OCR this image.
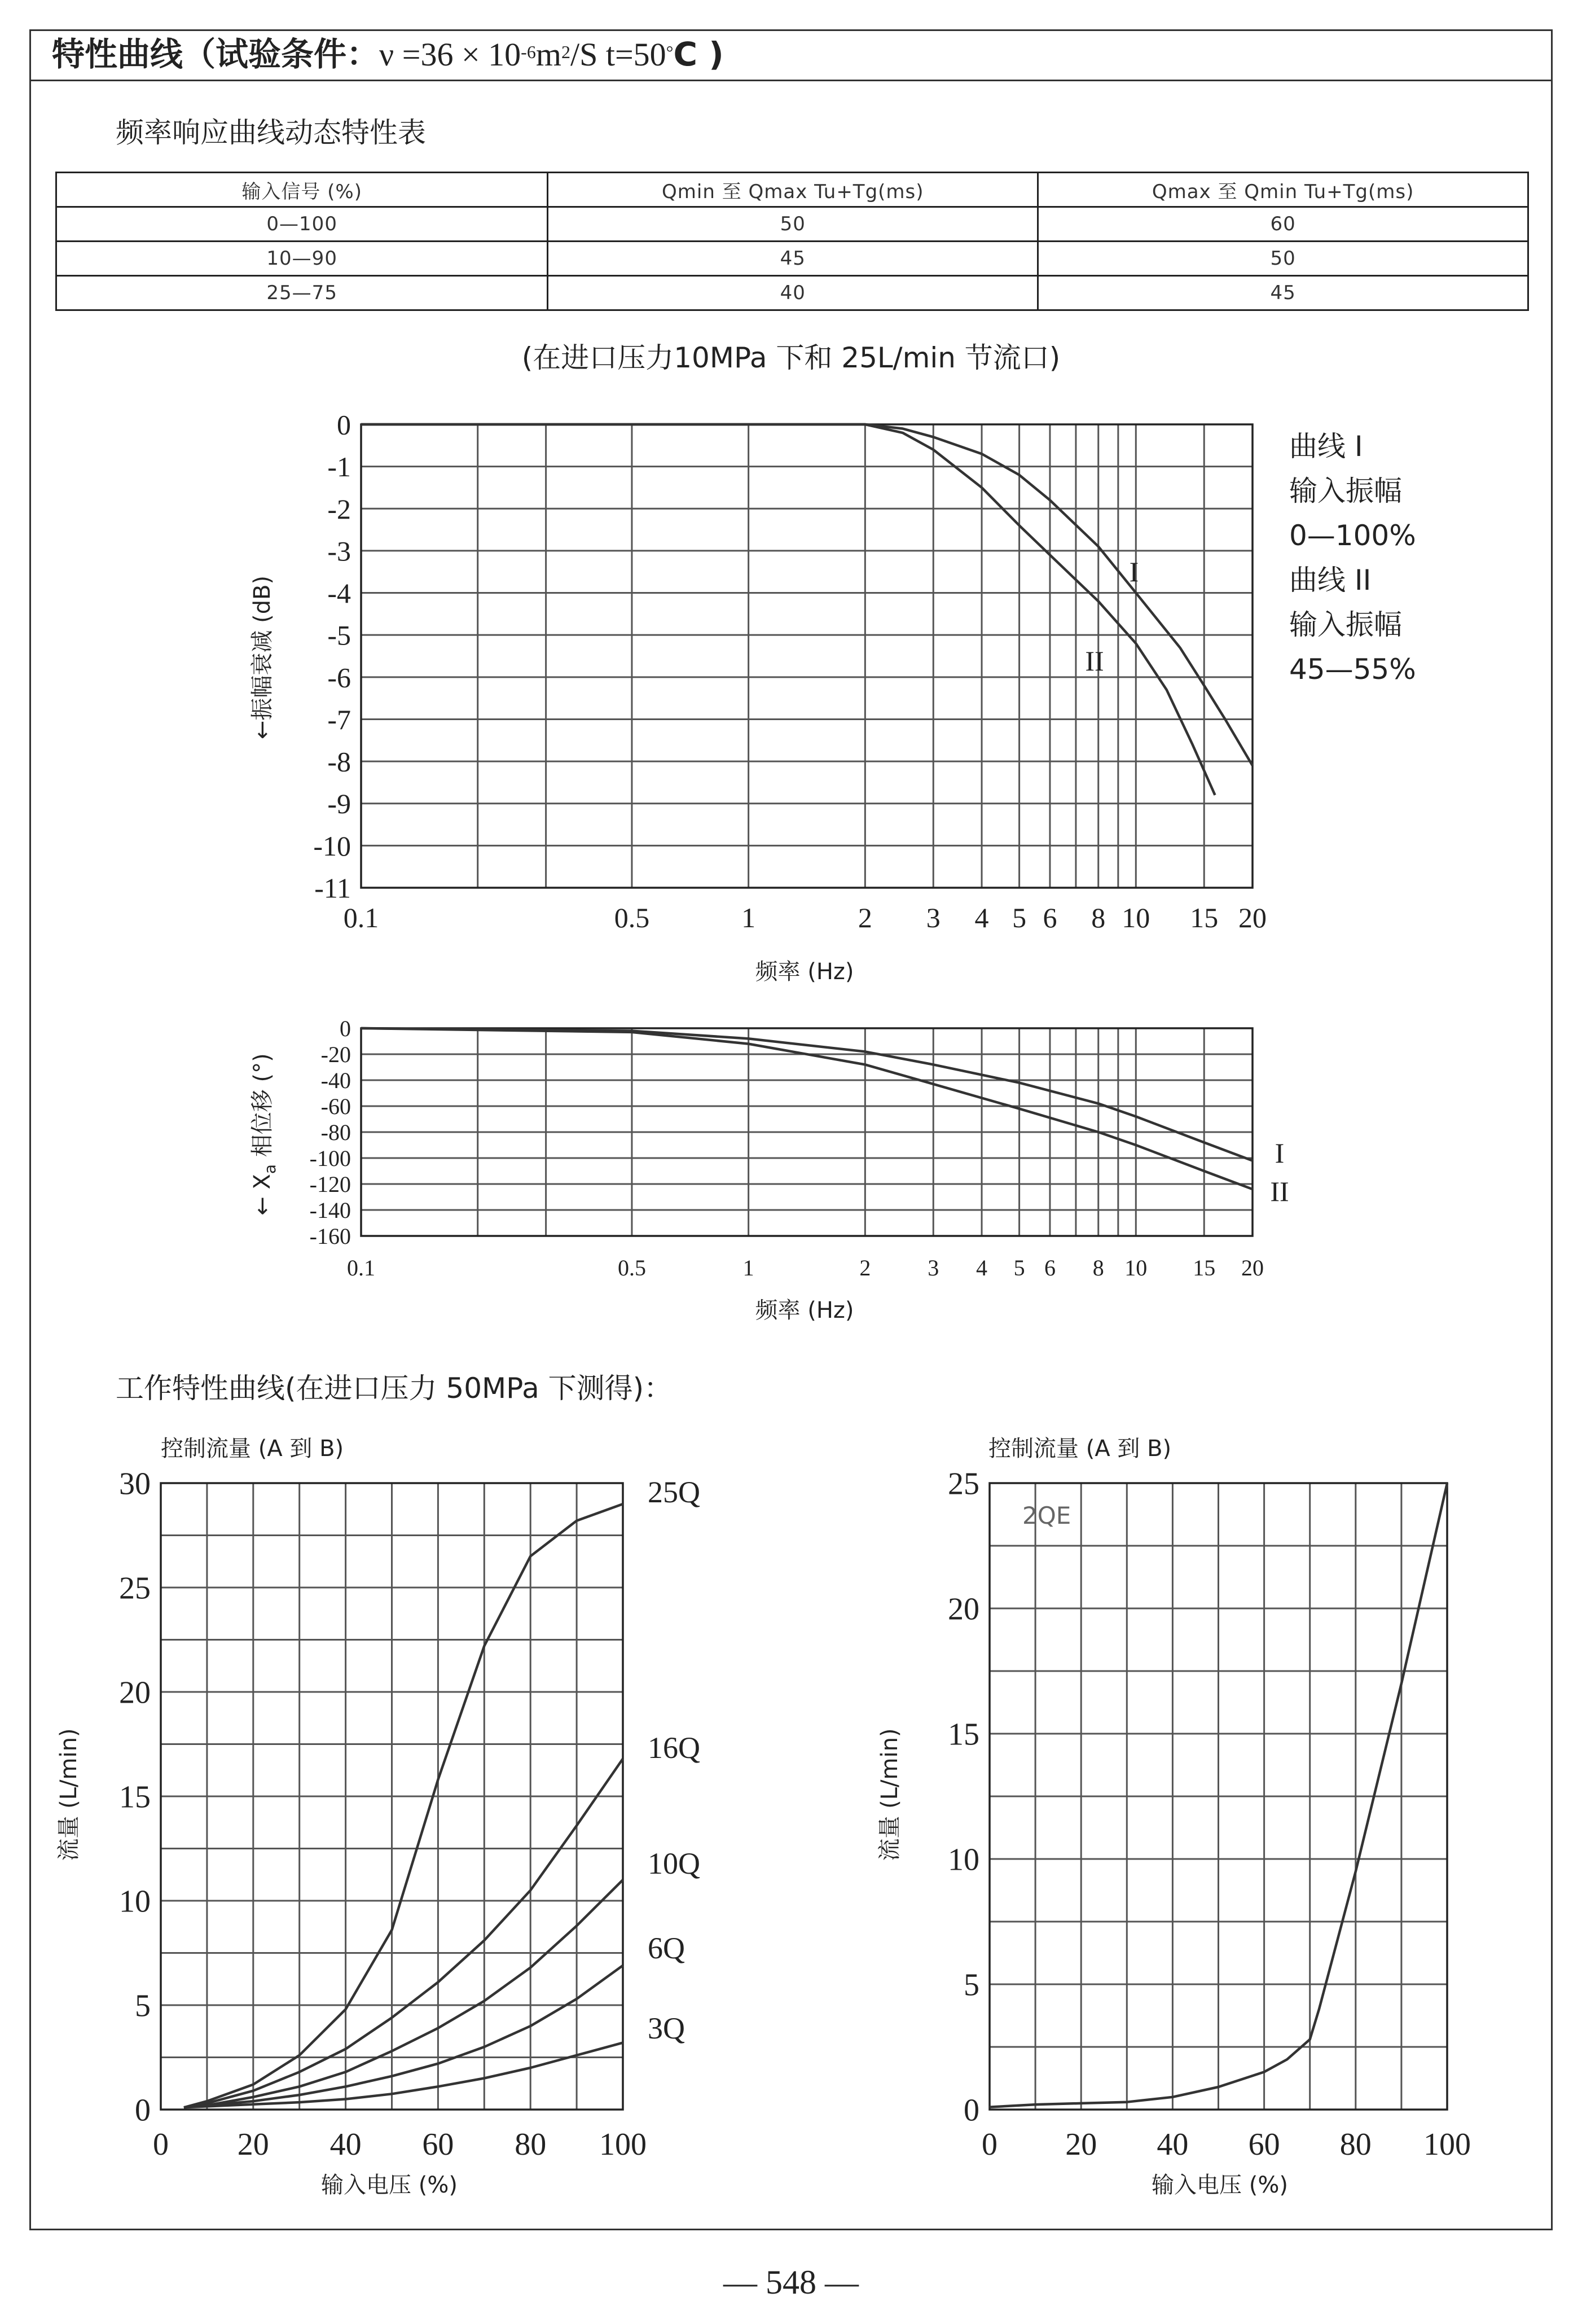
特性曲线（试验条件：$\nu =36 \times 10^{-6}m^2/S$ t=50°C )
频率响应曲线动态特性表
输入信号 (%)	Qmin 至 Qmax Tu+Tg(ms)	Qmax 至 Qmin Tu+Tg(ms)
0—100	50	60
10—90	45	50
25—75	40	45
(在进口压力10MPa 下和 25L/min 节流口)
曲线 I
输入振幅
0—100%
曲线 II
输入振幅
45—55%
工作特性曲线(在进口压力 50MPa 下测得)：
0.1	0.5	1	2 3 4 5 6 8 10 15 20
0
-1
-2
-3
-4
-5
-6
-7
-8
-9
-10
-11
I
II
频率 (Hz)
←振幅衰减 (dB)
0.1	0.5	1	2	3 4 5 6 8 10 15 20
0
-20
-40
-60
-80
-100
-120
-140
-160
I
II
频率 (Hz)
← $X_a$ 相位移 (°)
0 20 40 60 80 100
30
25
20
15
10
5
0
25Q
16Q
10Q
6Q
3Q
控制流量 (A 到 B)
输入电压 (%)
流量 (L/min)
0 20 40 60 80 100
25
20
15
10
5
0
2QE
控制流量 (A 到 B)
输入电压 (%)
流量 (L/min)
— 548 —
